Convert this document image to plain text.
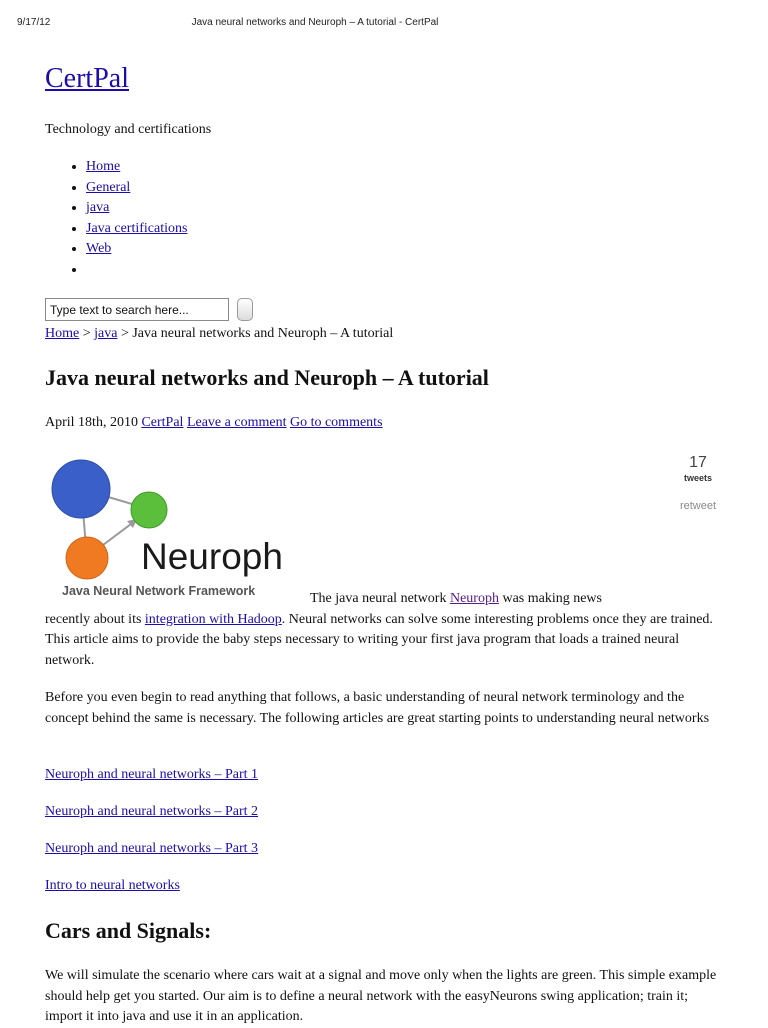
9/17/12	Java neural networks and Neuroph – A tutorial - CertPal
CertPal
Technology and certifications
• Home
• General
• java
• Java certifications
• Web
•
Type text to search here...
Home > java > Java neural networks and Neuroph – A tutorial
Java neural networks and Neuroph – A tutorial
April 18th, 2010 CertPal Leave a comment Go to comments
Neuroph
Java Neural Network Framework
17
tweets
retweet
The java neural network Neuroph was making news
recently about its integration with Hadoop. Neural networks can solve some interesting problems once they are trained. This article aims to provide the baby steps necessary to writing your first java program that loads a trained neural network.

Before you even begin to read anything that follows, a basic understanding of neural network terminology and the concept behind the same is necessary. The following articles are great starting points to understanding neural networks

Neuroph and neural networks – Part 1
Neuroph and neural networks – Part 2
Neuroph and neural networks – Part 3
Intro to neural networks
Cars and Signals:

We will simulate the scenario where cars wait at a signal and move only when the lights are green. This simple example should help get you started. Our aim is to define a neural network with the easyNeurons swing application; train it; import it into java and use it in an application.
